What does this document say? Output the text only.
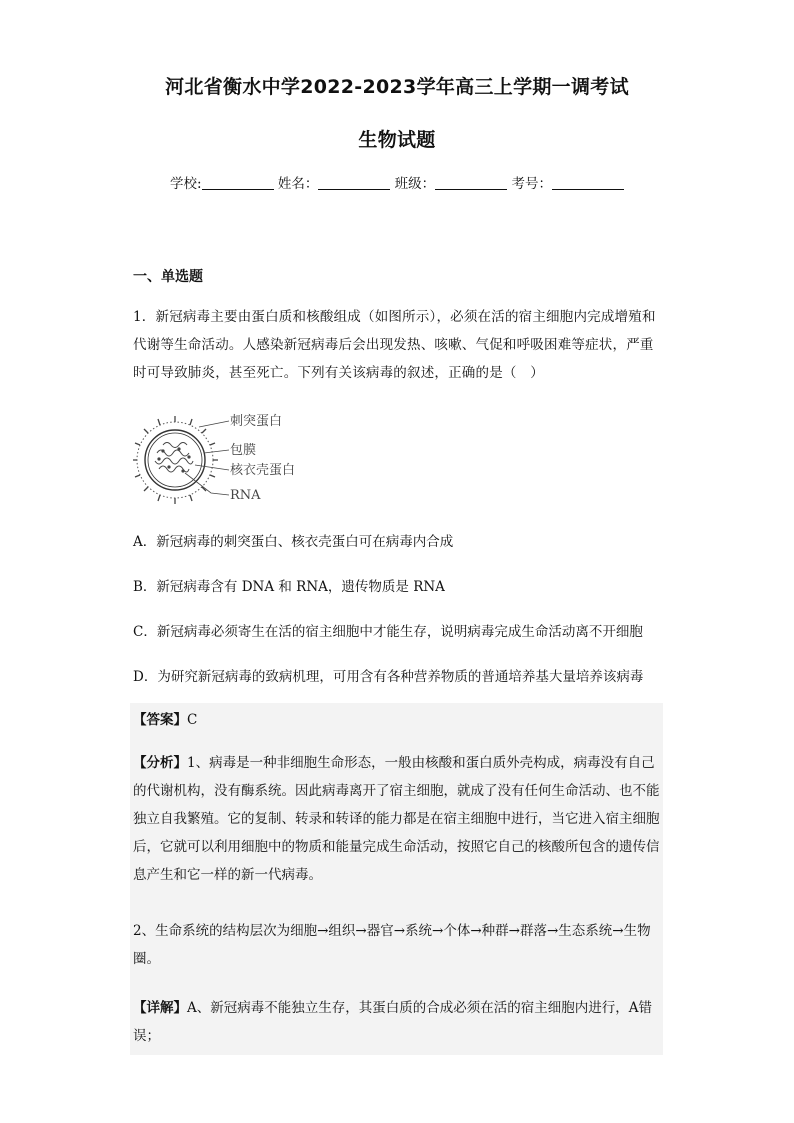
河北省衡水中学2022-2023学年高三上学期一调考试
生物试题
学校:	姓名：	班级：	考号：
一、单选题
1．新冠病毒主要由蛋白质和核酸组成（如图所示），必须在活的宿主细胞内完成增殖和代谢等生命活动。人感染新冠病毒后会出现发热、咳嗽、气促和呼吸困难等症状，严重时可导致肺炎，甚至死亡。下列有关该病毒的叙述，正确的是（　）
刺突蛋白
包膜
核衣壳蛋白
RNA
A．新冠病毒的刺突蛋白、核衣壳蛋白可在病毒内合成
B．新冠病毒含有 DNA 和 RNA，遗传物质是 RNA
C．新冠病毒必须寄生在活的宿主细胞中才能生存，说明病毒完成生命活动离不开细胞
D．为研究新冠病毒的致病机理，可用含有各种营养物质的普通培养基大量培养该病毒
【答案】C
【分析】1、病毒是一种非细胞生命形态，一般由核酸和蛋白质外壳构成，病毒没有自己的代谢机构，没有酶系统。因此病毒离开了宿主细胞，就成了没有任何生命活动、也不能独立自我繁殖。它的复制、转录和转译的能力都是在宿主细胞中进行，当它进入宿主细胞后，它就可以利用细胞中的物质和能量完成生命活动，按照它自己的核酸所包含的遗传信息产生和它一样的新一代病毒。
2、生命系统的结构层次为细胞→组织→器官→系统→个体→种群→群落→生态系统→生物圈。
【详解】A、新冠病毒不能独立生存，其蛋白质的合成必须在活的宿主细胞内进行，A错误；
